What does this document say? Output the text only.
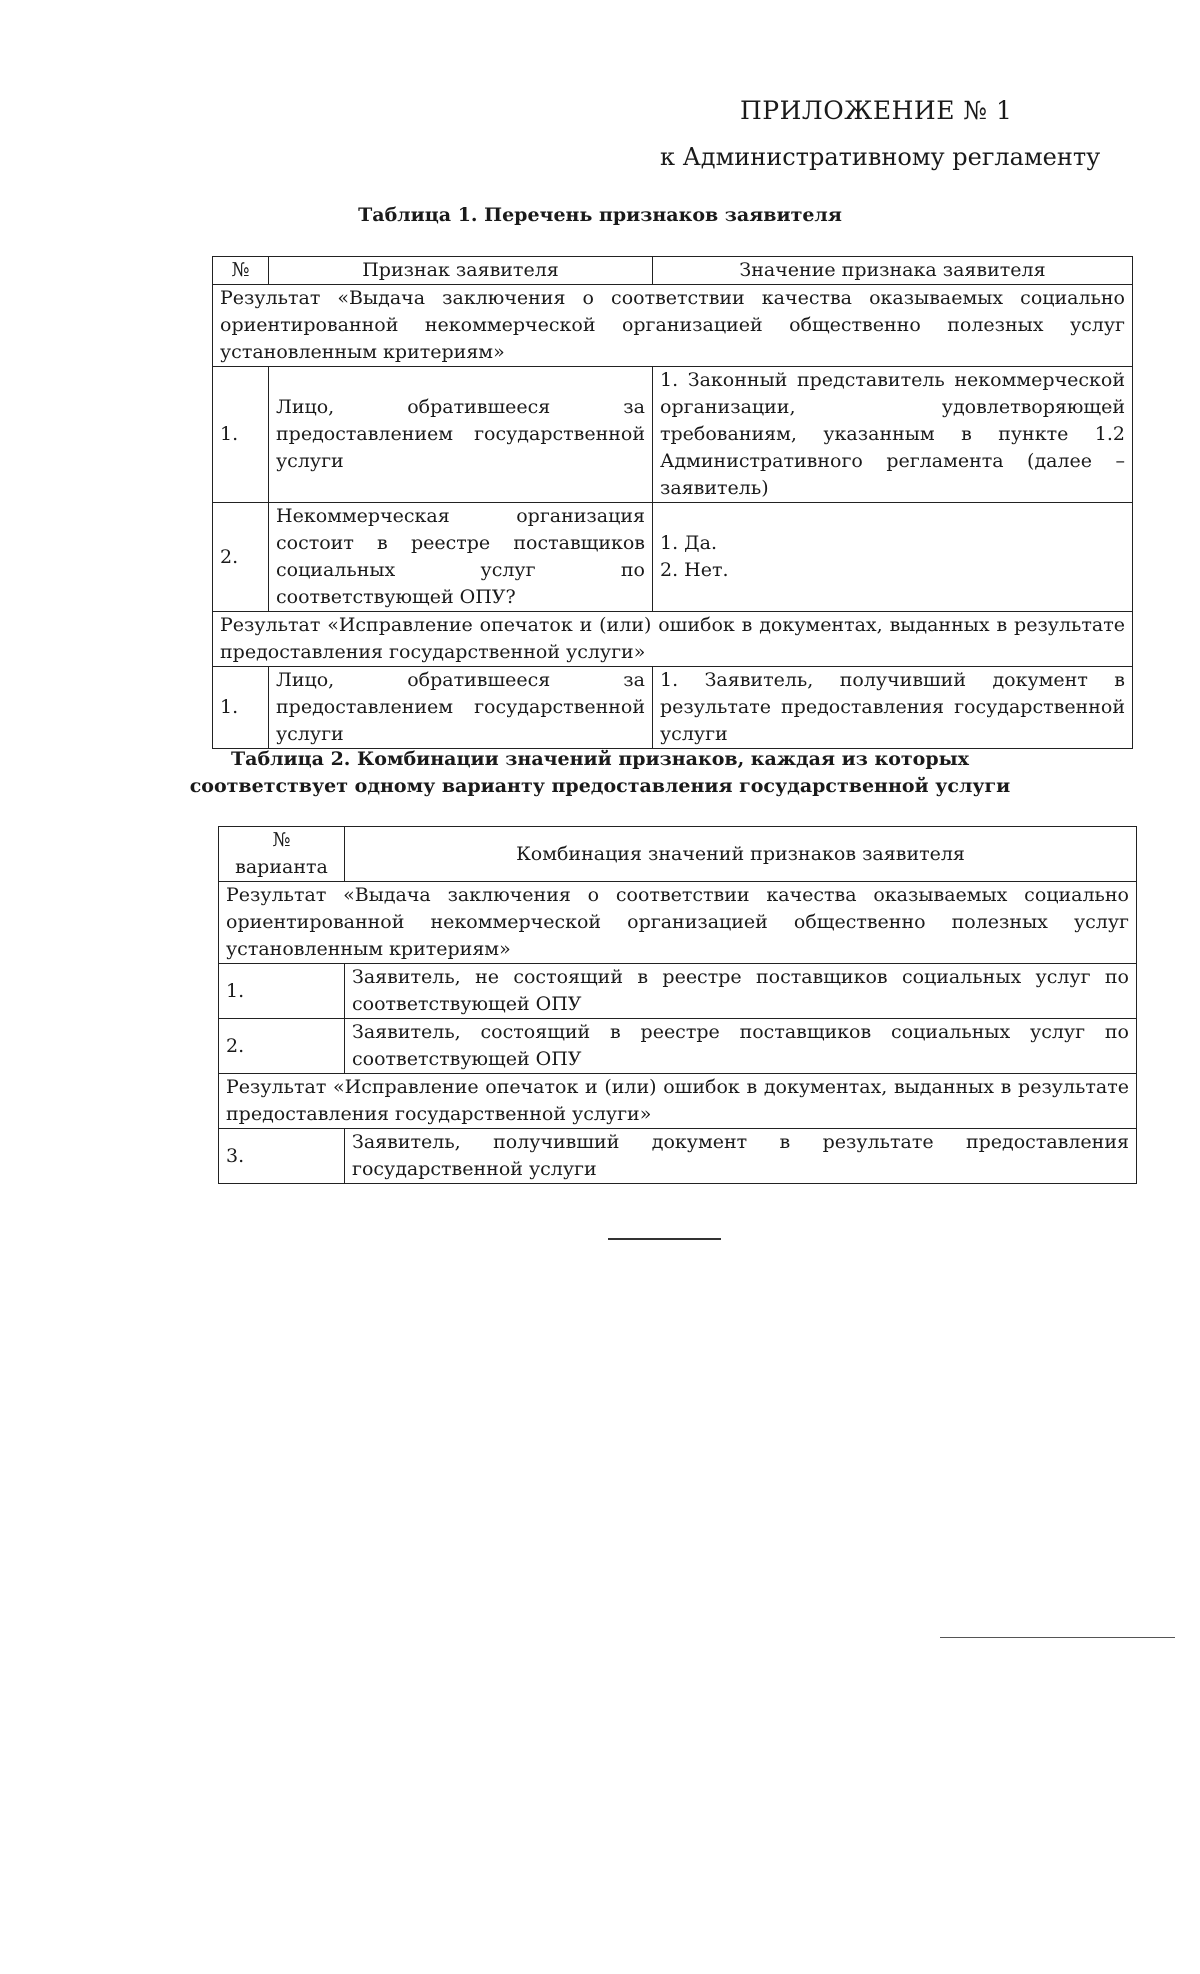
ПРИЛОЖЕНИЕ № 1
к Административному регламенту
Таблица 1. Перечень признаков заявителя
№	Признак заявителя	Значение признака заявителя
Результат «Выдача заключения о соответствии качества оказываемых социально ориентированной некоммерческой организацией общественно полезных услуг установленным критериям»		
1.	Лицо, обратившееся за предоставлением государственной услуги	1. Законный представитель некоммерческой организации, удовлетворяющей требованиям, указанным в пункте 1.2 Административного регламента (далее – заявитель)
2.	Некоммерческая организация состоит в реестре поставщиков социальных услуг по соответствующей ОПУ?	1. Да.
2. Нет.

Результат «Исправление опечаток и (или) ошибок в документах, выданных в результате предоставления государственной услуги»		
1.	Лицо, обратившееся за предоставлением государственной услуги	1. Заявитель, получивший документ в результате предоставления государственной услуги
Таблица 2. Комбинации значений признаков, каждая из которых
соответствует одному варианту предоставления государственной услуги
№ варианта	Комбинация значений признаков заявителя
Результат «Выдача заключения о соответствии качества оказываемых социально ориентированной некоммерческой организацией общественно полезных услуг установленным критериям»	
1.	Заявитель, не состоящий в реестре поставщиков социальных услуг по соответствующей ОПУ
2.	Заявитель, состоящий в реестре поставщиков социальных услуг по соответствующей ОПУ
Результат «Исправление опечаток и (или) ошибок в документах, выданных в результате предоставления государственной услуги»	
3.	Заявитель, получивший документ в результате предоставления государственной услуги
